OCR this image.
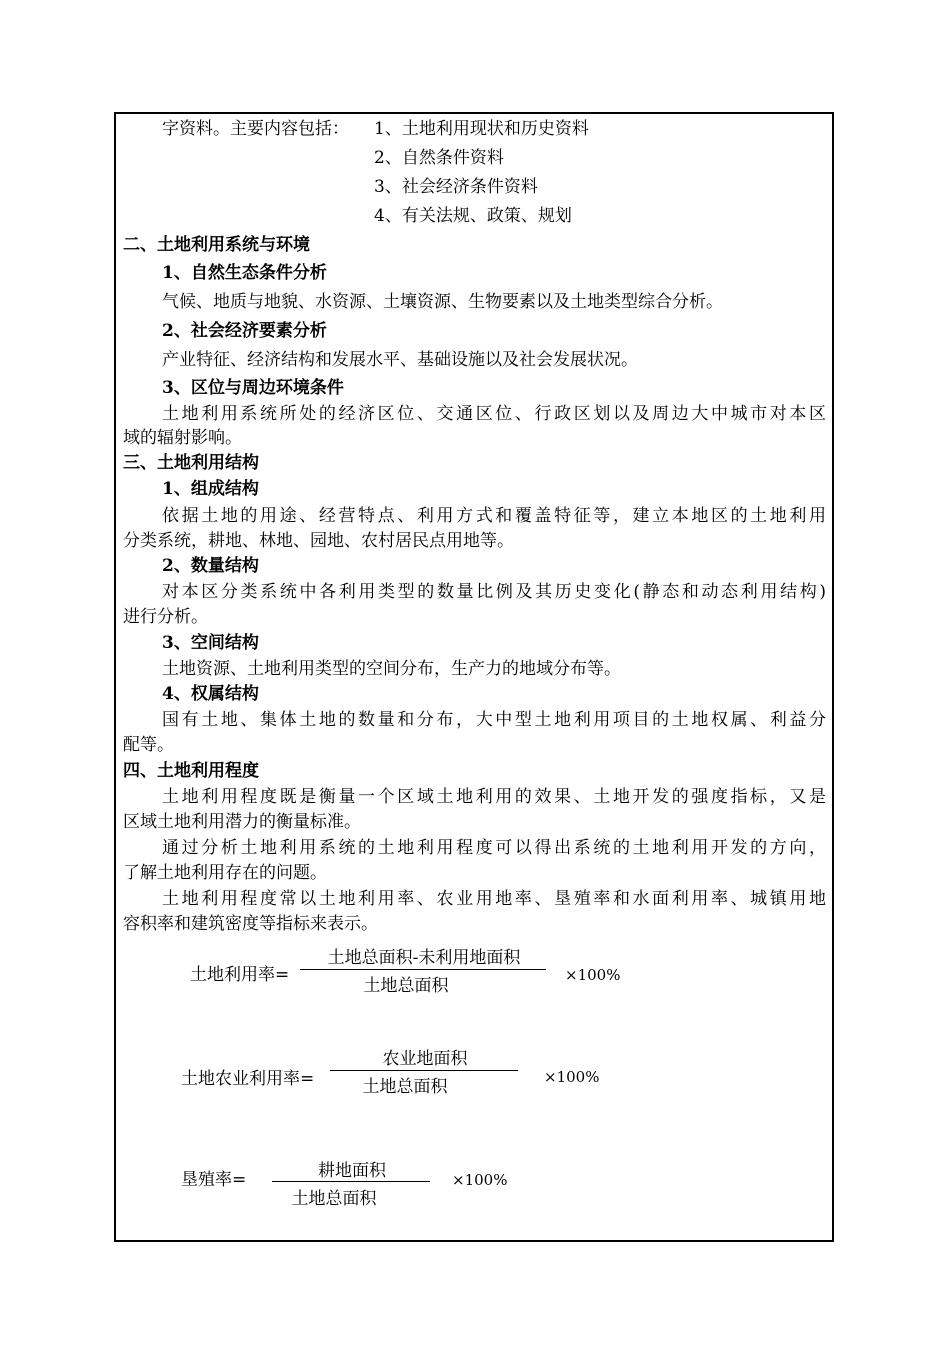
字资料。主要内容包括： 1、土地利用现状和历史资料
2、自然条件资料
3、社会经济条件资料
4、有关法规、政策、规划
二、土地利用系统与环境
1、自然生态条件分析
气候、地质与地貌、水资源、土壤资源、生物要素以及土地类型综合分析。
2、社会经济要素分析
产业特征、经济结构和发展水平、基础设施以及社会发展状况。
3、区位与周边环境条件
土地利用系统所处的经济区位、交通区位、行政区划以及周边大中城市对本区
域的辐射影响。
三、土地利用结构
1、组成结构
依据土地的用途、经营特点、利用方式和覆盖特征等，建立本地区的土地利用
分类系统，耕地、林地、园地、农村居民点用地等。
2、数量结构
对本区分类系统中各利用类型的数量比例及其历史变化(静态和动态利用结构)
进行分析。
3、空间结构
土地资源、土地利用类型的空间分布，生产力的地域分布等。
4、权属结构
国有土地、集体土地的数量和分布，大中型土地利用项目的土地权属、利益分
配等。
四、土地利用程度
土地利用程度既是衡量一个区域土地利用的效果、土地开发的强度指标，又是
区域土地利用潜力的衡量标准。
通过分析土地利用系统的土地利用程度可以得出系统的土地利用开发的方向，
了解土地利用存在的问题。
土地利用程度常以土地利用率、农业用地率、垦殖率和水面利用率、城镇用地
容积率和建筑密度等指标来表示。
土地利用率=
土地总面积-未利用地面积
土地总面积
×100%
土地农业利用率=
农业地面积
土地总面积	×100%
垦殖率=	耕地面积
土地总面积
×100%
